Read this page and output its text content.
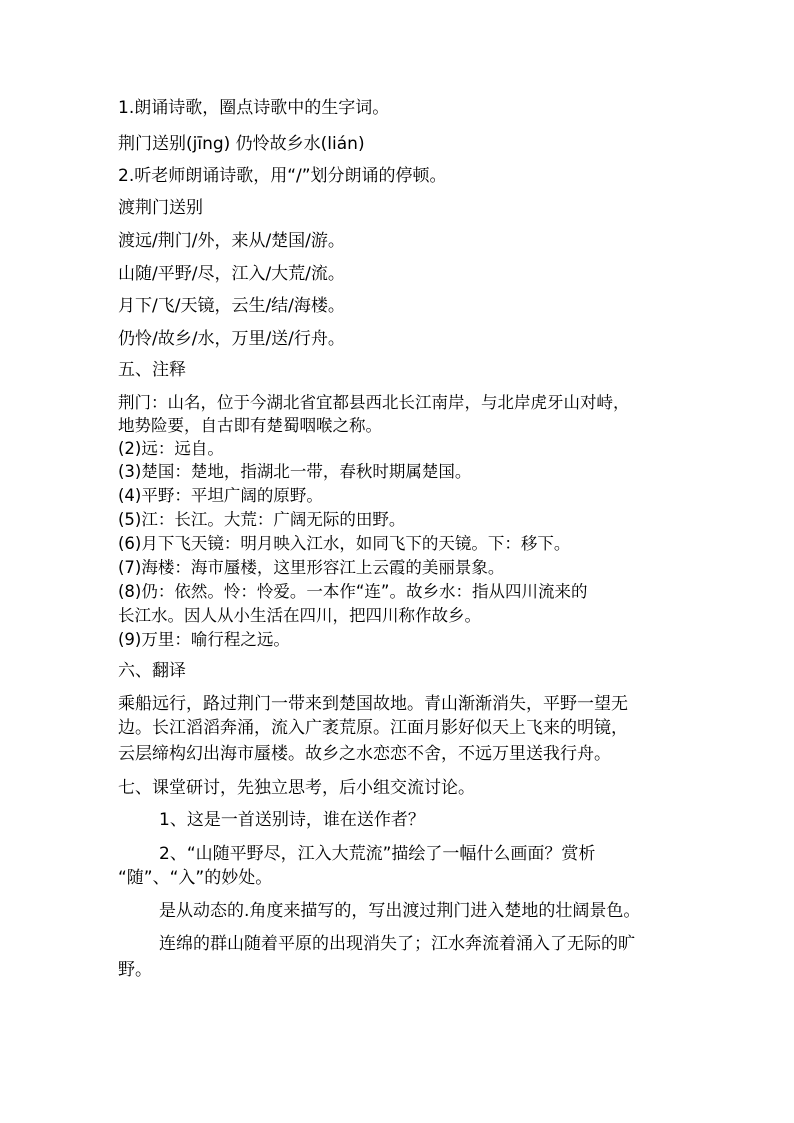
1.朗诵诗歌，圈点诗歌中的生字词。
荆门送别(jīng) 仍怜故乡水(lián)
2.听老师朗诵诗歌，用“/”划分朗诵的停顿。
渡荆门送别
渡远/荆门/外，来从/楚国/游。
山随/平野/尽，江入/大荒/流。
月下/飞/天镜，云生/结/海楼。
仍怜/故乡/水，万里/送/行舟。
五、注释
荆门：山名，位于今湖北省宜都县西北长江南岸，与北岸虎牙山对峙，
地势险要，自古即有楚蜀咽喉之称。
(2)远：远自。
(3)楚国：楚地，指湖北一带，春秋时期属楚国。
(4)平野：平坦广阔的原野。
(5)江：长江。大荒：广阔无际的田野。
(6)月下飞天镜：明月映入江水，如同飞下的天镜。下：移下。
(7)海楼：海市蜃楼，这里形容江上云霞的美丽景象。
(8)仍：依然。怜：怜爱。一本作“连”。故乡水：指从四川流来的
长江水。因人从小生活在四川，把四川称作故乡。
(9)万里：喻行程之远。
六、翻译
乘船远行，路过荆门一带来到楚国故地。青山渐渐消失，平野一望无
边。长江滔滔奔涌，流入广袤荒原。江面月影好似天上飞来的明镜，
云层缔构幻出海市蜃楼。故乡之水恋恋不舍，不远万里送我行舟。
七、课堂研讨，先独立思考，后小组交流讨论。
1、这是一首送别诗，谁在送作者？
2、“山随平野尽，江入大荒流”描绘了一幅什么画面？赏析
“随”、“入”的妙处。
是从动态的.角度来描写的，写出渡过荆门进入楚地的壮阔景色。
连绵的群山随着平原的出现消失了；江水奔流着涌入了无际的旷
野。
